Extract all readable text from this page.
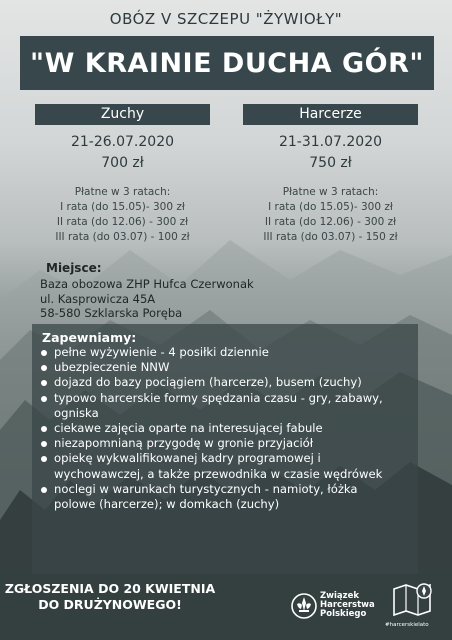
OBÓZ V SZCZEPU "ŻYWIOŁY"
"W KRAINIE DUCHA GÓR"
Zuchy
21-26.07.2020
700 zł
Płatne w 3 ratach:
I rata (do 15.05)- 300 zł
II rata (do 12.06) - 300 zł
III rata (do 03.07) - 100 zł
Harcerze
21-31.07.2020
750 zł
Płatne w 3 ratach:
I rata (do 15.05)- 300 zł
II rata (do 12.06) - 300 zł
III rata (do 03.07) - 150 zł
Miejsce:
Baza obozowa ZHP Hufca Czerwonak
ul. Kasprowicza 45A
58-580 Szklarska Poręba
Zapewniamy:
pełne wyżywienie - 4 posiłki dziennie
ubezpieczenie NNW
dojazd do bazy pociągiem (harcerze), busem (zuchy)
typowo harcerskie formy spędzania czasu - gry, zabawy, ogniska
ciekawe zajęcia oparte na interesującej fabule
niezapomnianą przygodę w gronie przyjaciół
opiekę wykwalifikowanej kadry programowej i wychowawczej, a także przewodnika w czasie wędrówek
noclegi w warunkach turystycznych - namioty, łóżka polowe (harcerze); w domkach (zuchy)
ZGŁOSZENIA DO 20 KWIETNIA
DO DRUŻYNOWEGO!
Związek
Harcerstwa
Polskiego
#harcerskielato
